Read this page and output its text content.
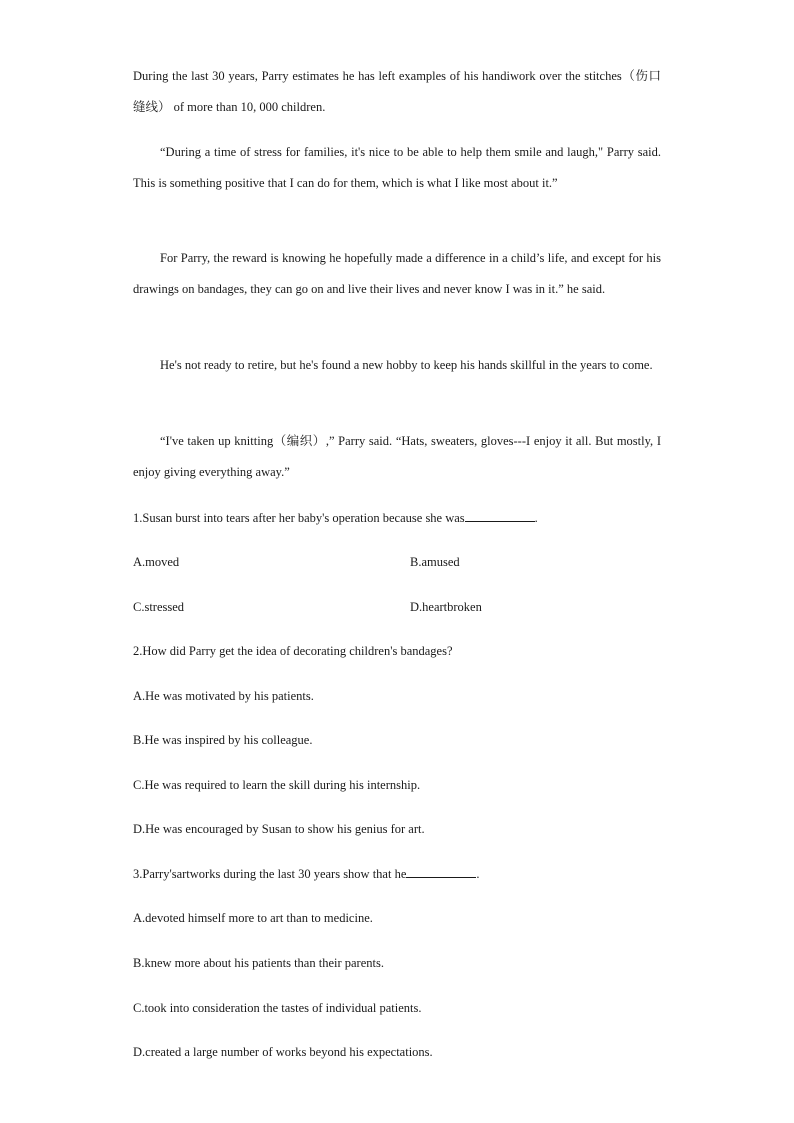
During the last 30 years, Parry estimates he has left examples of his handiwork over the stitches（伤口缝线） of more than 10, 000 children.

“During a time of stress for families, it's nice to be able to help them smile and laugh," Parry said. This is something positive that I can do for them, which is what I like most about it.”

For Parry, the reward is knowing he hopefully made a difference in a child’s life, and except for his drawings on bandages, they can go on and live their lives and never know I was in it.” he said.

He's not ready to retire, but he's found a new hobby to keep his hands skillful in the years to come.

“I've taken up knitting（编织）,” Parry said. “Hats, sweaters, gloves---I enjoy it all. But mostly, I enjoy giving everything away.”

1.Susan burst into tears after her baby's operation because she was	.
A.moved	B.amused
C.stressed	D.heartbroken
2.How did Parry get the idea of decorating children's bandages?
A.He was motivated by his patients.
B.He was inspired by his colleague.
C.He was required to learn the skill during his internship.
D.He was encouraged by Susan to show his genius for art.
3.Parry'sartworks during the last 30 years show that he	.
A.devoted himself more to art than to medicine.
B.knew more about his patients than their parents.
C.took into consideration the tastes of individual patients.
D.created a large number of works beyond his expectations.
